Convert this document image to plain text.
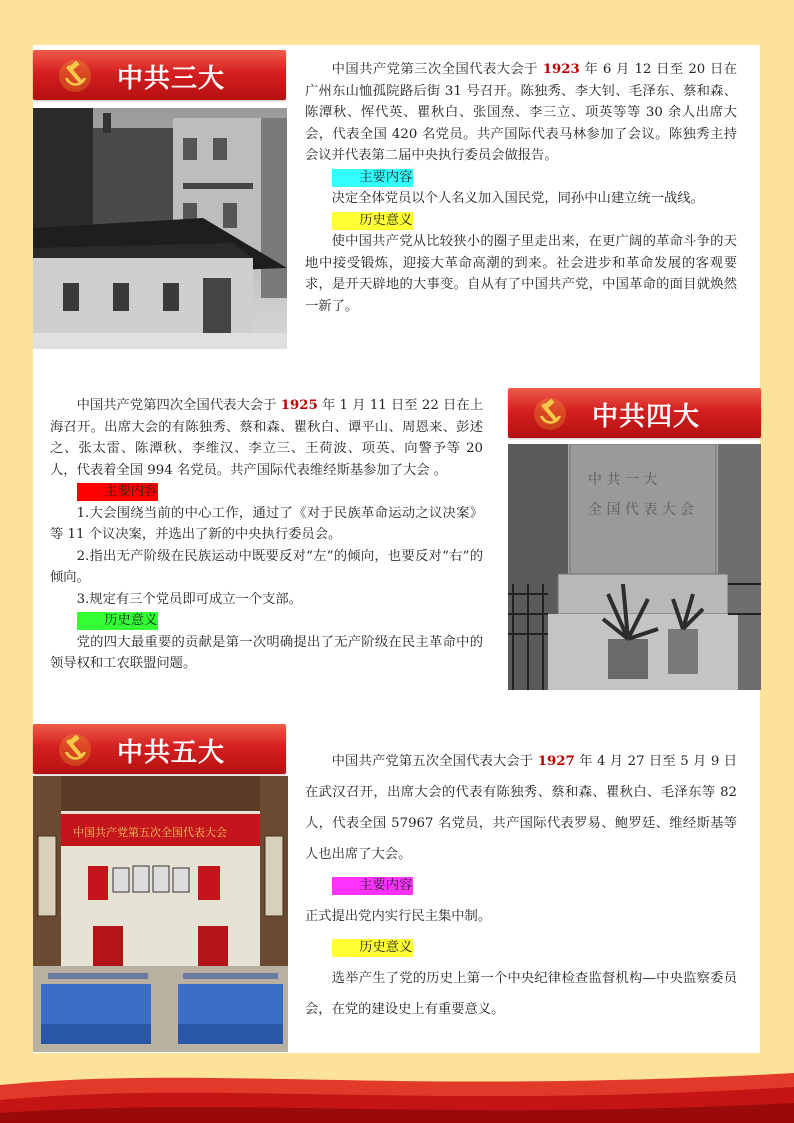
中共三大	中国共产党第三次全国代表大会于 1923 年 6 月 12 日至 20 日在广州东山恤孤院路后街 31 号召开。陈独秀、李大钊、毛泽东、蔡和森、陈潭秋、恽代英、瞿秋白、张国焘、李三立、项英等等 30 余人出席大会，代表全国 420 名党员。共产国际代表马林参加了会议。陈独秀主持会议并代表第二届中央执行委员会做报告。

主要内容

决定全体党员以个人名义加入国民党，同孙中山建立统一战线。

历史意义

使中国共产党从比较狭小的圈子里走出来，在更广阔的革命斗争的天地中接受锻炼，迎接大革命高潮的到来。社会进步和革命发展的客观要求，是开天辟地的大事变。自从有了中国共产党，中国革命的面目就焕然一新了。

中共四大
中 共 一 大
全 国 代 表 大 会

中国共产党第四次全国代表大会于 1925 年 1 月 11 日至 22 日在上海召开。出席大会的有陈独秀、蔡和森、瞿秋白、谭平山、周恩来、彭述之、张太雷、陈潭秋、李维汉、李立三、王荷波、项英、向警予等 20 人，代表着全国 994 名党员。共产国际代表维经斯基参加了大会 。

主要内容

1.大会围绕当前的中心工作，通过了《对于民族革命运动之议决案》等 11 个议决案，并选出了新的中央执行委员会。

2.指出无产阶级在民族运动中既要反对“左”的倾向，也要反对“右”的倾向。

3.规定有三个党员即可成立一个支部。

历史意义

党的四大最重要的贡献是第一次明确提出了无产阶级在民主革命中的领导权和工农联盟问题。

中共五大
中国共产党第五次全国代表大会

中国共产党第五次全国代表大会于 1927 年 4 月 27 日至 5 月 9 日在武汉召开，出席大会的代表有陈独秀、蔡和森、瞿秋白、毛泽东等 82 人，代表全国 57967 名党员，共产国际代表罗易、鲍罗廷、维经斯基等人也出席了大会。

主要内容

正式提出党内实行民主集中制。

历史意义

选举产生了党的历史上第一个中央纪律检查监督机构—中央监察委员会，在党的建设史上有重要意义。
